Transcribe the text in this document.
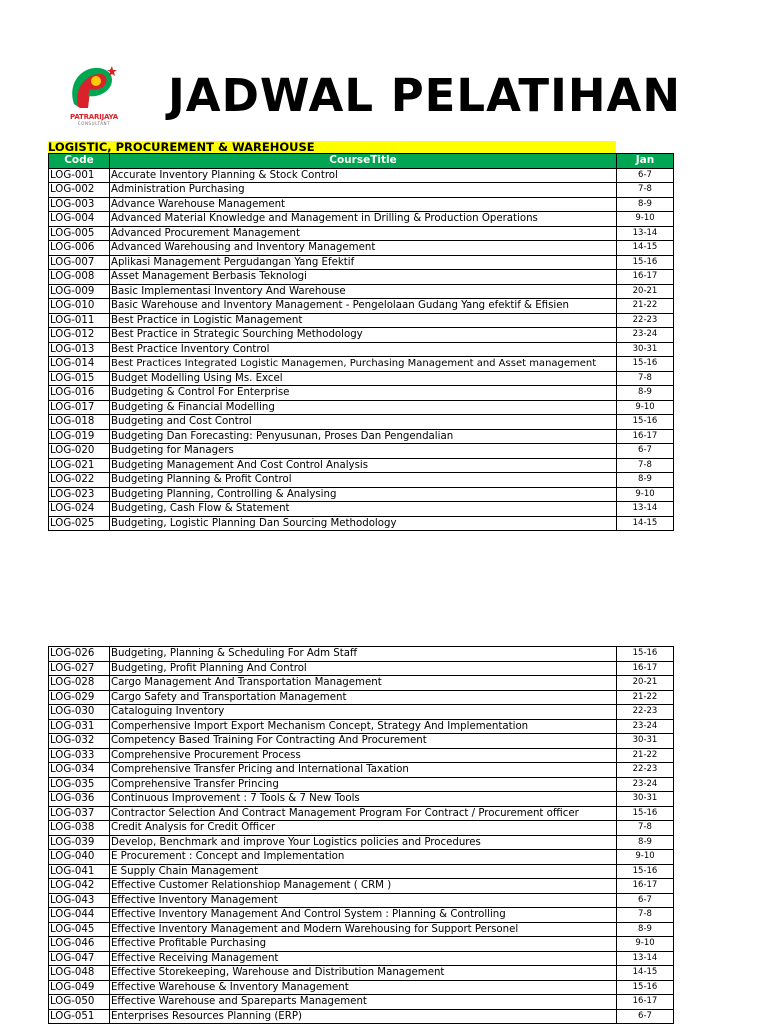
PATRARIJAYA
CONSULTANT
JADWAL PELATIHAN
LOGISTIC, PROCUREMENT & WAREHOUSE
Code	CourseTitle	Jan
LOG-001	Accurate Inventory Planning & Stock Control	6-7
LOG-002	Administration Purchasing	7-8
LOG-003	Advance Warehouse Management	8-9
LOG-004	Advanced Material Knowledge and Management in Drilling & Production Operations	9-10
LOG-005	Advanced Procurement Management	13-14
LOG-006	Advanced Warehousing and Inventory Management	14-15
LOG-007	Aplikasi Management Pergudangan Yang Efektif	15-16
LOG-008	Asset Management Berbasis Teknologi	16-17
LOG-009	Basic Implementasi Inventory And Warehouse	20-21
LOG-010	Basic Warehouse and Inventory Management - Pengelolaan Gudang Yang efektif & Efisien	21-22
LOG-011	Best Practice in Logistic Management	22-23
LOG-012	Best Practice in Strategic Sourching Methodology	23-24
LOG-013	Best Practice Inventory Control	30-31
LOG-014	Best Practices Integrated Logistic Managemen, Purchasing Management and Asset management	15-16
LOG-015	Budget Modelling Using Ms. Excel	7-8
LOG-016	Budgeting & Control For Enterprise	8-9
LOG-017	Budgeting & Financial Modelling	9-10
LOG-018	Budgeting and Cost Control	15-16
LOG-019	Budgeting Dan Forecasting: Penyusunan, Proses Dan Pengendalian	16-17
LOG-020	Budgeting for Managers	6-7
LOG-021	Budgeting Management And Cost Control Analysis	7-8
LOG-022	Budgeting Planning & Profit Control	8-9
LOG-023	Budgeting Planning, Controlling & Analysing	9-10
LOG-024	Budgeting, Cash Flow & Statement	13-14
LOG-025	Budgeting, Logistic Planning Dan Sourcing Methodology	14-15
LOG-026	Budgeting, Planning & Scheduling For Adm Staff	15-16
LOG-027	Budgeting, Profit Planning And Control	16-17
LOG-028	Cargo Management And Transportation Management	20-21
LOG-029	Cargo Safety and Transportation Management	21-22
LOG-030	Cataloguing Inventory	22-23
LOG-031	Comperhensive Import Export Mechanism Concept, Strategy And Implementation	23-24
LOG-032	Competency Based Training For Contracting And Procurement	30-31
LOG-033	Comprehensive Procurement Process	21-22
LOG-034	Comprehensive Transfer Pricing and International Taxation	22-23
LOG-035	Comprehensive Transfer Princing	23-24
LOG-036	Continuous Improvement : 7 Tools & 7 New Tools	30-31
LOG-037	Contractor Selection And Contract Management Program For Contract / Procurement officer	15-16
LOG-038	Credit Analysis for Credit Officer	7-8
LOG-039	Develop, Benchmark and improve Your Logistics policies and Procedures	8-9
LOG-040	E Procurement : Concept and Implementation	9-10
LOG-041	E Supply Chain Management	15-16
LOG-042	Effective Customer Relationshiop Management ( CRM )	16-17
LOG-043	Effective Inventory Management	6-7
LOG-044	Effective Inventory Management And Control System : Planning & Controlling	7-8
LOG-045	Effective Inventory Management and Modern Warehousing for Support Personel	8-9
LOG-046	Effective Profitable Purchasing	9-10
LOG-047	Effective Receiving Management	13-14
LOG-048	Effective Storekeeping, Warehouse and Distribution Management	14-15
LOG-049	Effective Warehouse & Inventory Management	15-16
LOG-050	Effective Warehouse and Spareparts Management	16-17
LOG-051	Enterprises Resources Planning (ERP)	6-7
